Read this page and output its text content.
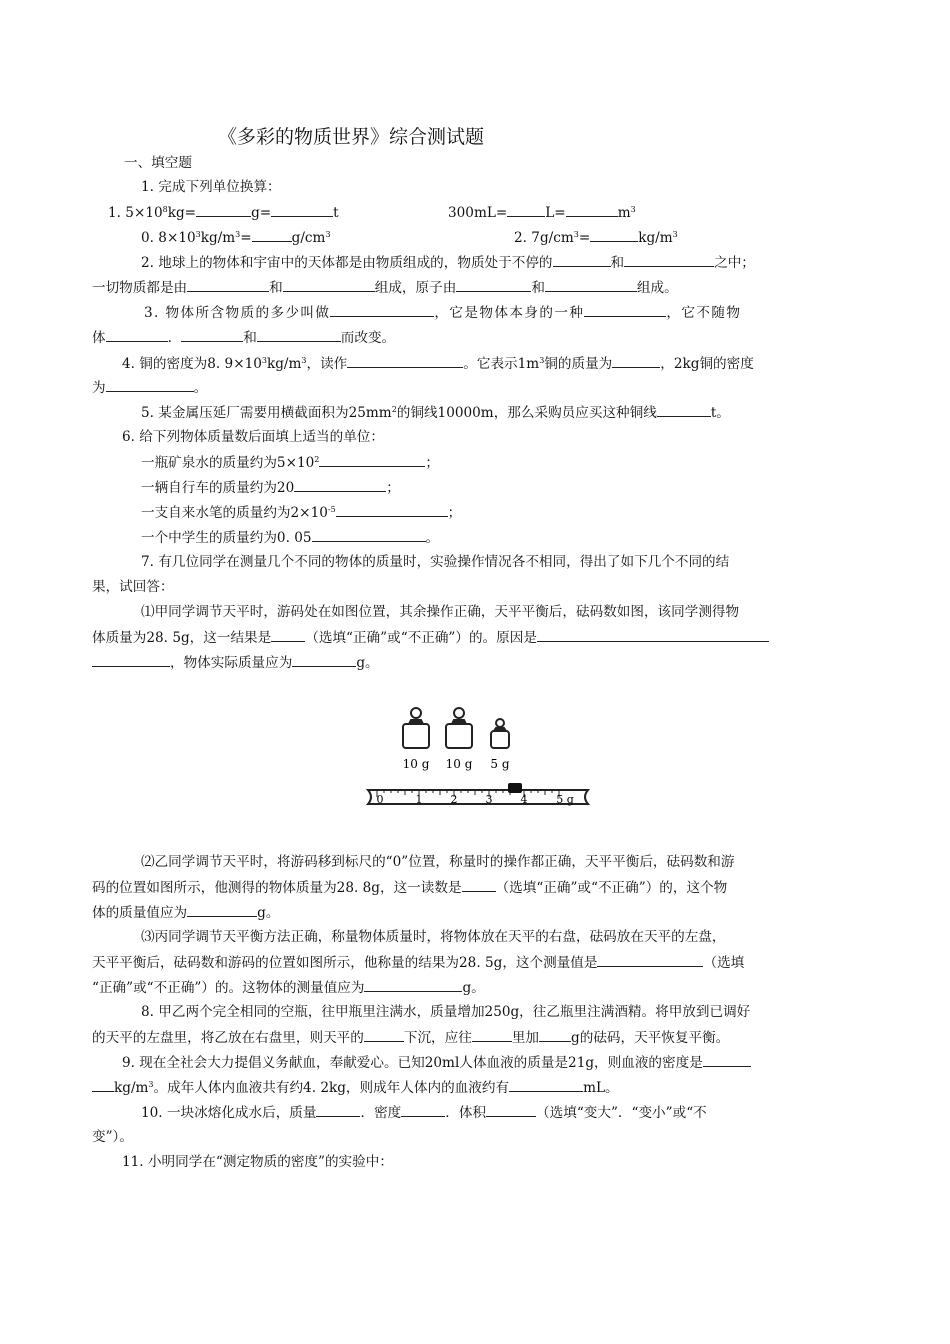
《多彩的物质世界》综合测试题
一、填空题
1. 完成下列单位换算：
1. $5\times 10^8kg=$	g=	t	300mL=	L=	$m^3$
0. $8\times 10^3kg/m^3=$	$g/cm^3$	2. $7g/cm^3=$	$kg/m^3$
2. 地球上的物体和宇宙中的天体都是由物质组成的，物质处于不停的	和	之中；
一切物质都是由	和	组成，原子由	和	组成。
3. 物体所含物质的多少叫做	，它是物体本身的一种	，它不随物
体	．	和	而改变。
4. 铜的密度为8. $9\times 10^3kg/m^3$，读作	。它表示$1m^3$铜的质量为	，2kg铜的密度
为	。
5. 某金属压延厂需要用横截面积为$25mm^2$的铜线10000m，那么采购员应买这种铜线	t。
6. 给下列物体质量数后面填上适当的单位：
一瓶矿泉水的质量约为$5\times 10^2$	；
一辆自行车的质量约为20	；
一支自来水笔的质量约为$2\times 10^{-5}$	；
一个中学生的质量约为0. 05	。
7. 有几位同学在测量几个不同的物体的质量时，实验操作情况各不相同，得出了如下几个不同的结
果，试回答：
⑴甲同学调节天平时，游码处在如图位置，其余操作正确，天平平衡后，砝码数如图，该同学测得物
体质量为28. 5g，这一结果是	（选填“正确”或“不正确”）的。原因是
，物体实际质量应为	g。
10 g 10 g 5 g
0	1	2	3	4	5 g
⑵乙同学调节天平时，将游码移到标尺的“0”位置，称量时的操作都正确，天平平衡后，砝码数和游
码的位置如图所示，他测得的物体质量为28. 8g，这一读数是	（选填“正确”或“不正确”）的，这个物
体的质量值应为	g。
⑶丙同学调节天平衡方法正确，称量物体质量时，将物体放在天平的右盘，砝码放在天平的左盘，
天平平衡后，砝码数和游码的位置如图所示，他称量的结果为28. 5g，这个测量值是	（选填
“正确”或“不正确”）的。这物体的测量值应为	g。
8. 甲乙两个完全相同的空瓶，往甲瓶里注满水，质量增加250g，往乙瓶里注满酒精。将甲放到已调好
的天平的左盘里，将乙放在右盘里，则天平的	下沉，应往	里加 g的砝码，天平恢复平衡。
9. 现在全社会大力提倡义务献血，奉献爱心。已知20ml人体血液的质量是21g，则血液的密度是
$kg/m^3$。成年人体内血液共有约4. 2kg，则成年人体内的血液约有	mL。
10. 一块冰熔化成水后，质量	．密度	．体积	（选填“变大”．“变小”或“不
变”）。
11. 小明同学在“测定物质的密度”的实验中：
